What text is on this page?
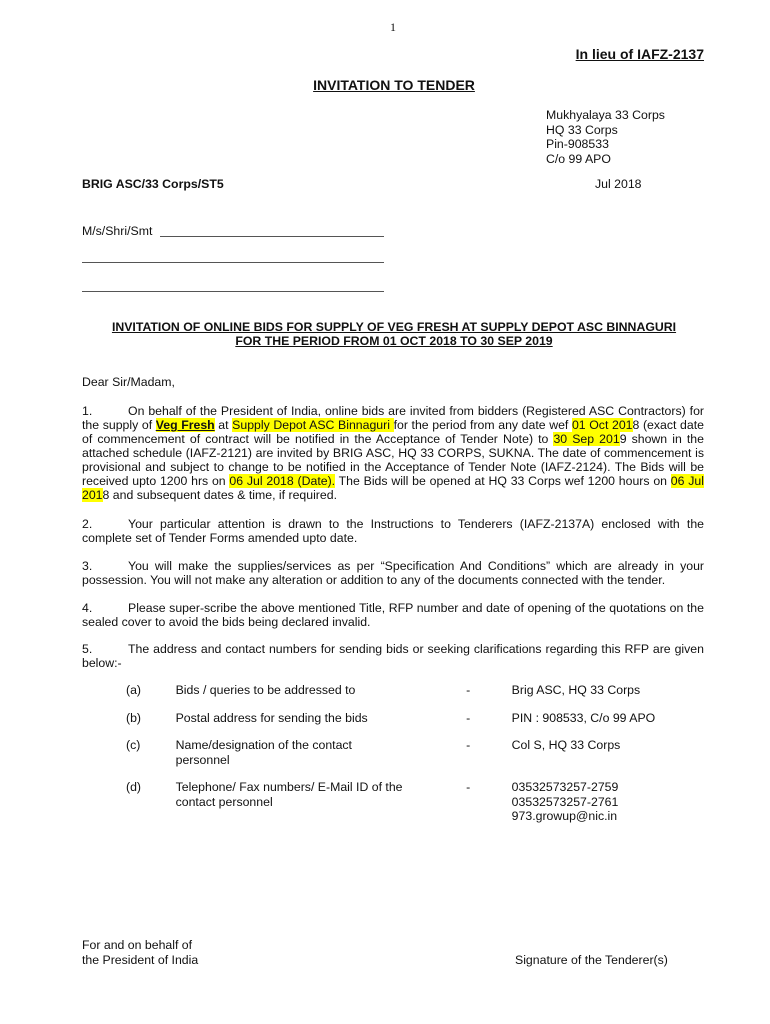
1
In lieu of IAFZ-2137
INVITATION TO TENDER
Mukhyalaya 33 Corps
HQ 33 Corps
Pin-908533
C/o 99 APO
BRIG ASC/33 Corps/ST5	Jul 2018
M/s/Shri/Smt
INVITATION OF ONLINE BIDS FOR SUPPLY OF VEG FRESH AT SUPPLY DEPOT ASC BINNAGURI
FOR THE PERIOD FROM 01 OCT 2018 TO 30 SEP 2019
Dear Sir/Madam,
1.	On behalf of the President of India, online bids are invited from bidders (Registered ASC Contractors) for the supply of Veg Fresh at Supply Depot ASC Binnaguri for the period from any date wef 01 Oct 2018 (exact date of commencement of contract will be notified in the Acceptance of Tender Note) to 30 Sep 2019 shown in the attached schedule (IAFZ-2121) are invited by BRIG ASC, HQ 33 CORPS, SUKNA. The date of commencement is provisional and subject to change to be notified in the Acceptance of Tender Note (IAFZ-2124). The Bids will be received upto 1200 hrs on 06 Jul 2018 (Date). The Bids will be opened at HQ 33 Corps wef 1200 hours on 06 Jul 2018 and subsequent dates & time, if required.
2.	Your particular attention is drawn to the Instructions to Tenderers (IAFZ-2137A) enclosed with the complete set of Tender Forms amended upto date.
3.	You will make the supplies/services as per “Specification And Conditions” which are already in your possession. You will not make any alteration or addition to any of the documents connected with the tender.
4.	Please super-scribe the above mentioned Title, RFP number and date of opening of the quotations on the sealed cover to avoid the bids being declared invalid.
5.	The address and contact numbers for sending bids or seeking clarifications regarding this RFP are given below:-
(a)	Bids / queries to be addressed to	-	Brig ASC, HQ 33 Corps
(b)	Postal address for sending the bids	-	PIN : 908533, C/o 99 APO
(c)	Name/designation of the contact personnel	-	Col S, HQ 33 Corps
(d)	Telephone/ Fax numbers/ E-Mail ID of the contact personnel	-	03532573257-2759
03532573257-2761
973.growup@nic.in
For and on behalf of
the President of India	Signature of the Tenderer(s)
